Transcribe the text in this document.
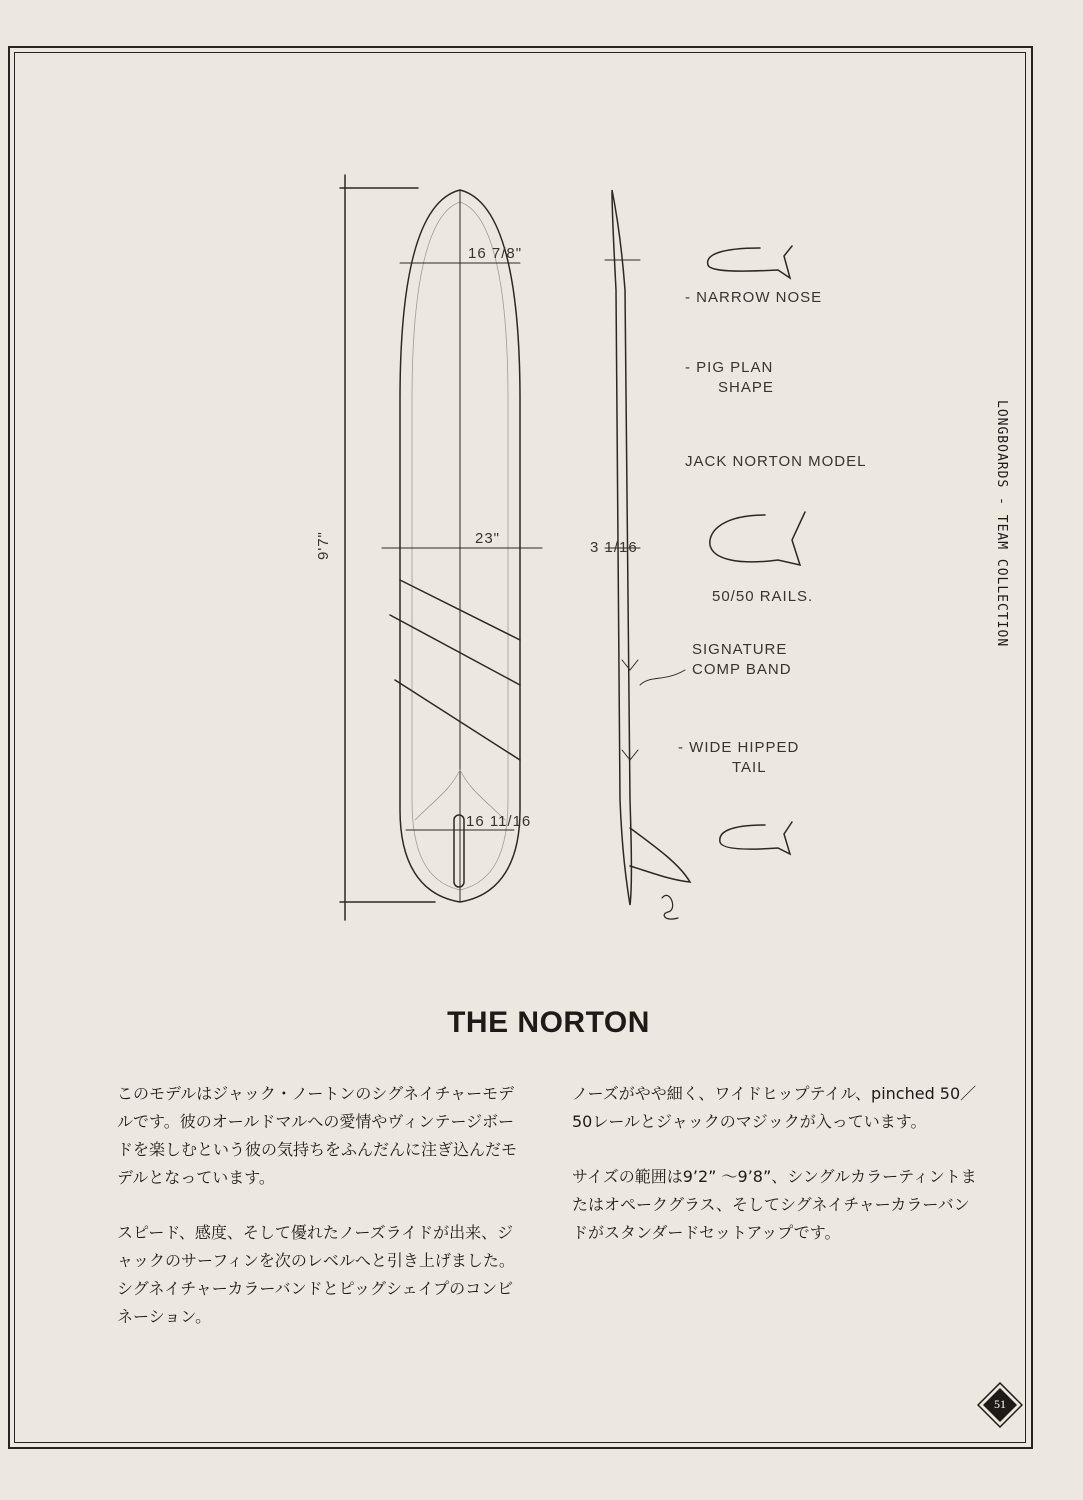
16 7/8"
9'7"	23"
16 11/16
3 1/16
- NARROW NOSE
- PIG PLAN
SHAPE
JACK NORTON MODEL
50/50 RAILS.
SIGNATURE
COMP BAND
- WIDE HIPPED
TAIL
LONGBOARDS - TEAM COLLECTION
THE NORTON

このモデルはジャック・ノートンのシグネイチャーモデルです。彼のオールドマルへの愛情やヴィンテージボードを楽しむという彼の気持ちをふんだんに注ぎ込んだモデルとなっています。

スピード、感度、そして優れたノーズライドが出来、ジャックのサーフィンを次のレベルへと引き上げました。シグネイチャーカラーバンドとピッグシェイプのコンビネーション。

ノーズがやや細く、ワイドヒップテイル、pinched 50／50レールとジャックのマジックが入っています。

サイズの範囲は9’2” ～9’8”、シングルカラーティントまたはオペークグラス、そしてシグネイチャーカラーバンドがスタンダードセットアップです。

51
